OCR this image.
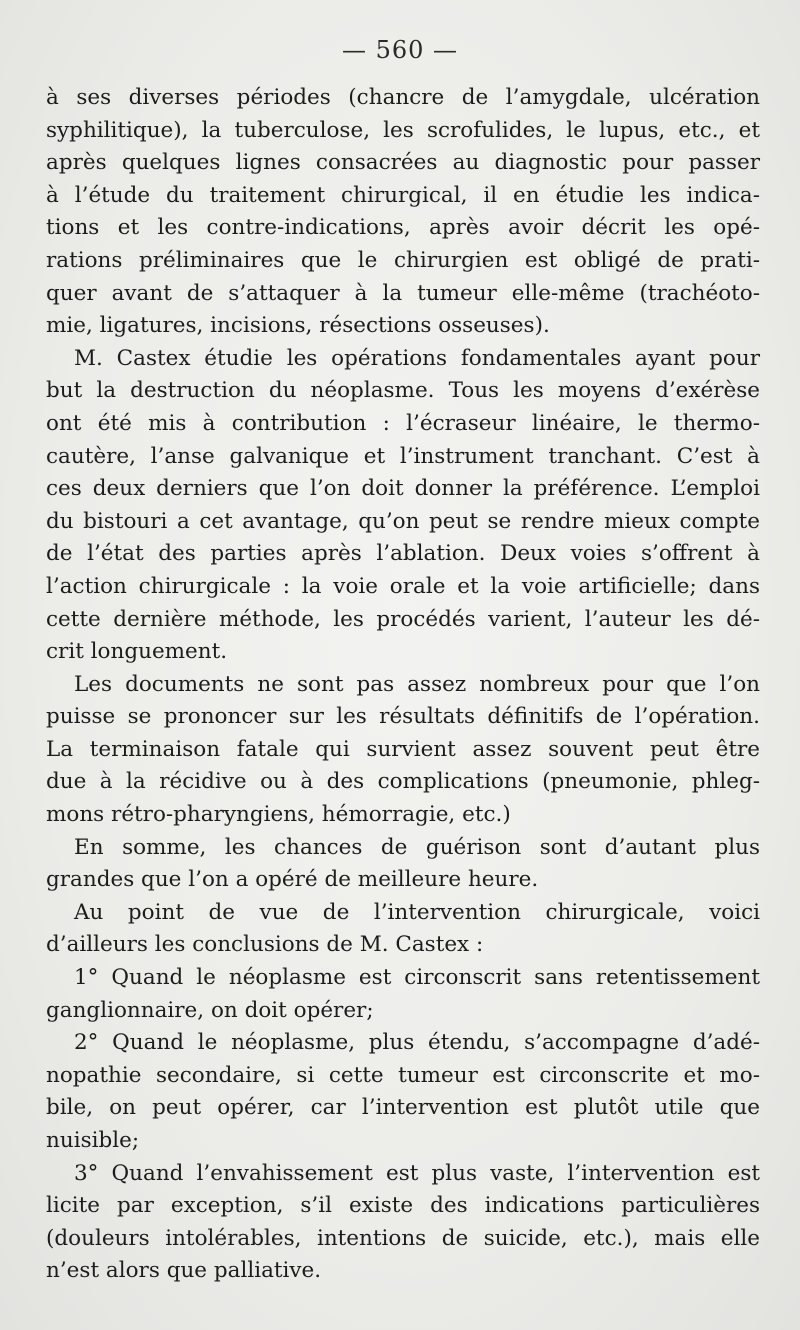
— 560 —
à ses diverses périodes (chancre de l’amygdale, ulcération
syphilitique), la tuberculose, les scrofulides, le lupus, etc., et
après quelques lignes consacrées au diagnostic pour passer
à l’étude du traitement chirurgical, il en étudie les indica-
tions et les contre-indications, après avoir décrit les opé-
rations préliminaires que le chirurgien est obligé de prati-
quer avant de s’attaquer à la tumeur elle-même (trachéoto-
mie, ligatures, incisions, résections osseuses).
M. Castex étudie les opérations fondamentales ayant pour
but la destruction du néoplasme. Tous les moyens d’exérèse
ont été mis à contribution : l’écraseur linéaire, le thermo-
cautère, l’anse galvanique et l’instrument tranchant. C’est à
ces deux derniers que l’on doit donner la préférence. L’emploi
du bistouri a cet avantage, qu’on peut se rendre mieux compte
de l’état des parties après l’ablation. Deux voies s’offrent à
l’action chirurgicale : la voie orale et la voie artificielle; dans
cette dernière méthode, les procédés varient, l’auteur les dé-
crit longuement.
Les documents ne sont pas assez nombreux pour que l’on
puisse se prononcer sur les résultats définitifs de l’opération.
La terminaison fatale qui survient assez souvent peut être
due à la récidive ou à des complications (pneumonie, phleg-
mons rétro-pharyngiens, hémorragie, etc.)
En somme, les chances de guérison sont d’autant plus
grandes que l’on a opéré de meilleure heure.
Au point de vue de l’intervention chirurgicale, voici
d’ailleurs les conclusions de M. Castex :
1° Quand le néoplasme est circonscrit sans retentissement
ganglionnaire, on doit opérer;
2° Quand le néoplasme, plus étendu, s’accompagne d’adé-
nopathie secondaire, si cette tumeur est circonscrite et mo-
bile, on peut opérer, car l’intervention est plutôt utile que
nuisible;
3° Quand l’envahissement est plus vaste, l’intervention est
licite par exception, s’il existe des indications particulières
(douleurs intolérables, intentions de suicide, etc.), mais elle
n’est alors que palliative.
